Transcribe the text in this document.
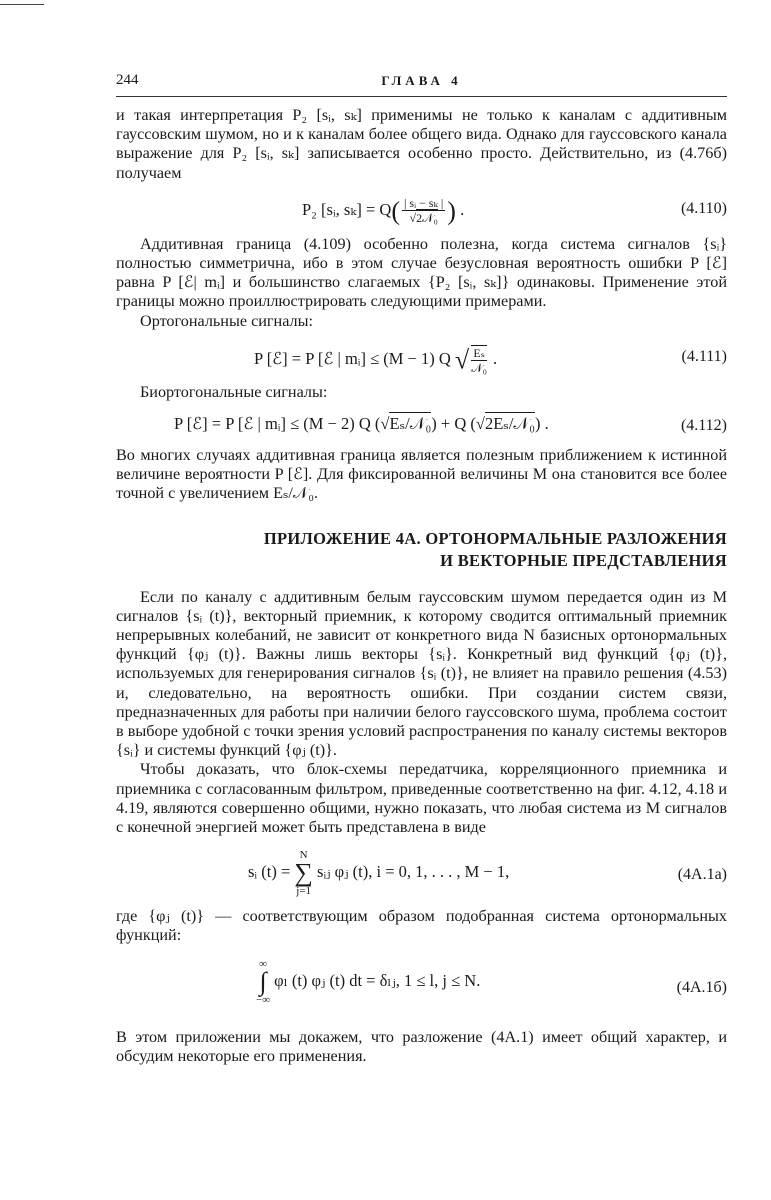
244	ГЛАВА 4

и такая интерпретация P₂ [sᵢ, sₖ] применимы не только к каналам с аддитивным гауссовским шумом, но и к каналам более общего вида. Однако для гауссовского канала выражение для P₂ [sᵢ, sₖ] записывается особенно просто. Действительно, из (4.76б) получаем

P₂ [sᵢ, $s_k] = Q( \frac{\text{| sᵢ − sₖ |}}{\text{√2𝒩₀}}$ ) .	(4.110)

Аддитивная граница (4.109) особенно полезна, когда система сигналов {sᵢ} полностью симметрична, ибо в этом случае безусловная вероятность ошибки P [ℰ] равна P [ℰ| mᵢ] и большинство слагаемых {P₂ [sᵢ, sₖ]} одинаковы. Применение этой границы можно проиллюстрировать следующими примерами.

Ортогональные сигналы:

P [ℰ] = P [ℰ | mᵢ] ≤ (M − 1) Q √ $\frac{\text{Eₛ}}{\text{𝒩₀}}$ .	(4.111)

Биортогональные сигналы:

P [ℰ] = P [ℰ | mᵢ] ≤ (M − 2) Q (√Eₛ/𝒩₀) + Q (√2Eₛ/𝒩₀) .	(4.112)

Во многих случаях аддитивная граница является полезным приближением к истинной величине вероятности P [ℰ]. Для фиксированной величины M она становится все более точной с увеличением Eₛ/𝒩₀.

ПРИЛОЖЕНИЕ 4А. ОРТОНОРМАЛЬНЫЕ РАЗЛОЖЕНИЯ
И ВЕКТОРНЫЕ ПРЕДСТАВЛЕНИЯ

Если по каналу с аддитивным белым гауссовским шумом передается один из M сигналов {sᵢ (t)}, векторный приемник, к которому сводится оптимальный приемник непрерывных колебаний, не зависит от конкретного вида N базисных ортонормальных функций {φⱼ (t)}. Важны лишь векторы {sᵢ}. Конкретный вид функций {φⱼ (t)}, используемых для генерирования сигналов {sᵢ (t)}, не влияет на правило решения (4.53) и, следовательно, на вероятность ошибки. При создании систем связи, предназначенных для работы при наличии белого гауссовского шума, проблема состоит в выборе удобной с точки зрения условий распространения по каналу системы векторов {sᵢ} и системы функций {φⱼ (t)}.

Чтобы доказать, что блок-схемы передатчика, корреляционного приемника и приемника с согласованным фильтром, приведенные соответственно на фиг. 4.12, 4.18 и 4.19, являются совершенно общими, нужно показать, что любая система из M сигналов с конечной энергией может быть представлена в виде

sᵢ (t) =
N
∑
j=1
sᵢⱼ φⱼ (t), i = 0, 1, . . . , M − 1,	(4А.1а)

где {φⱼ (t)} — соответствующим образом подобранная система ортонормальных функций:

∞
∫
−∞
φₗ (t) φⱼ (t) dt = δₗⱼ, 1 ≤ l, j ≤ N.	(4А.1б)

В этом приложении мы докажем, что разложение (4А.1) имеет общий характер, и обсудим некоторые его применения.
